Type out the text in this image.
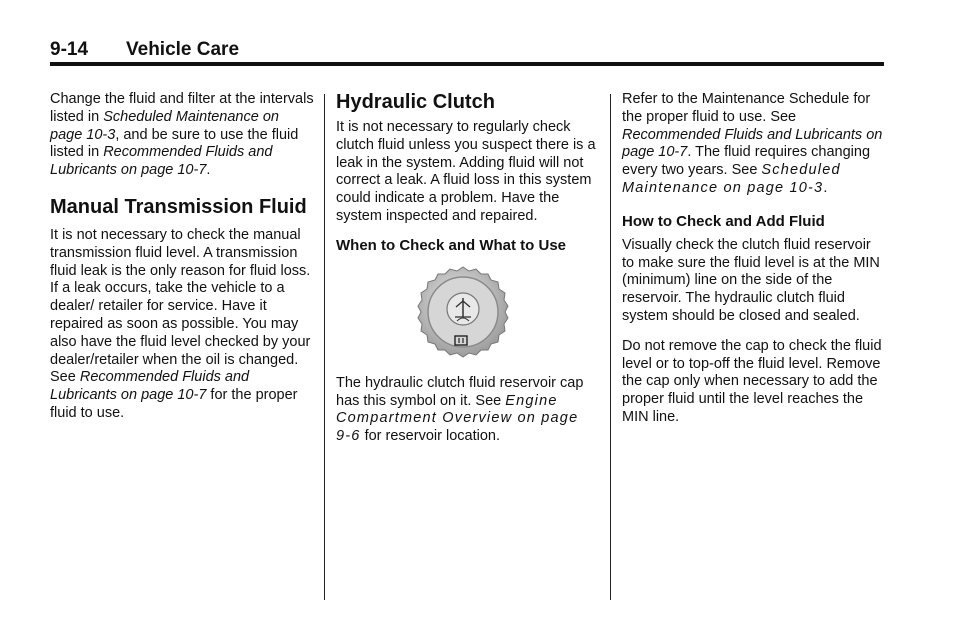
9-14 Vehicle Care

Change the fluid and filter at the intervals listed in Scheduled Maintenance on page 10-3, and be sure to use the fluid listed in Recommended Fluids and Lubricants on page 10-7.

Manual Transmission Fluid

It is not necessary to check the manual transmission fluid level. A transmission fluid leak is the only reason for fluid loss. If a leak occurs, take the vehicle to a dealer/ retailer for service. Have it repaired as soon as possible. You may also have the fluid level checked by your dealer/retailer when the oil is changed. See Recommended Fluids and Lubricants on page 10-7 for the proper fluid to use.

Hydraulic Clutch

It is not necessary to regularly check clutch fluid unless you suspect there is a leak in the system. Adding fluid will not correct a leak. A fluid loss in this system could indicate a problem. Have the system inspected and repaired.

When to Check and What to Use

The hydraulic clutch fluid reservoir cap has this symbol on it. See Engine Compartment Overview on page 9-6 for reservoir location.

Refer to the Maintenance Schedule for the proper fluid to use. See Recommended Fluids and Lubricants on page 10-7. The fluid requires changing every two years. See Scheduled Maintenance on page 10-3.

How to Check and Add Fluid

Visually check the clutch fluid reservoir to make sure the fluid level is at the MIN (minimum) line on the side of the reservoir. The hydraulic clutch fluid system should be closed and sealed.

Do not remove the cap to check the fluid level or to top-off the fluid level. Remove the cap only when necessary to add the proper fluid until the level reaches the MIN line.
